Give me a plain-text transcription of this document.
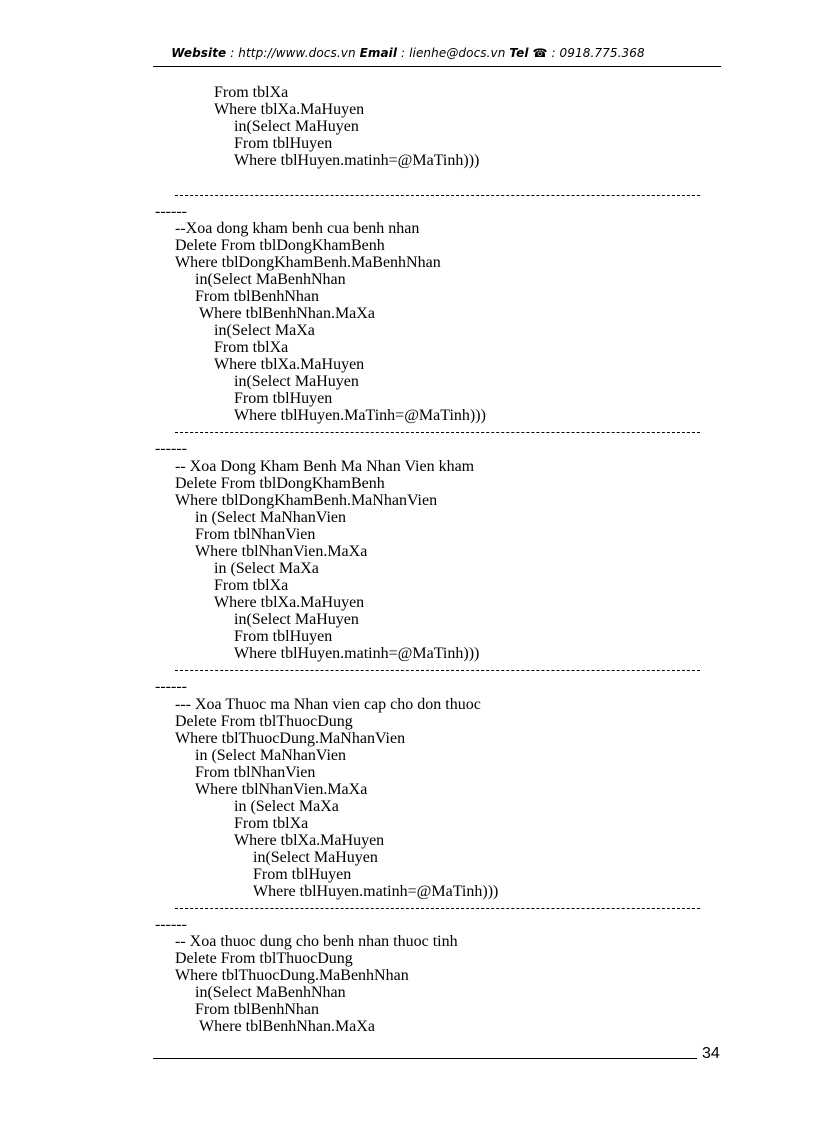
Website : http://www.docs.vn Email : lienhe@docs.vn Tel ☎ : 0918.775.368
From tblXa
Where tblXa.MaHuyen
in(Select MaHuyen
From tblHuyen
Where tblHuyen.matinh=@MaTinh)))
------
--Xoa dong kham benh cua benh nhan
Delete From tblDongKhamBenh
Where tblDongKhamBenh.MaBenhNhan
in(Select MaBenhNhan
From tblBenhNhan
Where tblBenhNhan.MaXa
in(Select MaXa
From tblXa
Where tblXa.MaHuyen
in(Select MaHuyen
From tblHuyen
Where tblHuyen.MaTinh=@MaTinh)))
------
-- Xoa Dong Kham Benh Ma Nhan Vien kham
Delete From tblDongKhamBenh
Where tblDongKhamBenh.MaNhanVien
in (Select MaNhanVien
From tblNhanVien
Where tblNhanVien.MaXa
in (Select MaXa
From tblXa
Where tblXa.MaHuyen
in(Select MaHuyen
From tblHuyen
Where tblHuyen.matinh=@MaTinh)))
------
--- Xoa Thuoc ma Nhan vien cap cho don thuoc
Delete From tblThuocDung
Where tblThuocDung.MaNhanVien
in (Select MaNhanVien
From tblNhanVien
Where tblNhanVien.MaXa
in (Select MaXa
From tblXa
Where tblXa.MaHuyen
in(Select MaHuyen
From tblHuyen
Where tblHuyen.matinh=@MaTinh)))
------
-- Xoa thuoc dung cho benh nhan thuoc tinh
Delete From tblThuocDung
Where tblThuocDung.MaBenhNhan
in(Select MaBenhNhan
From tblBenhNhan
Where tblBenhNhan.MaXa
34
